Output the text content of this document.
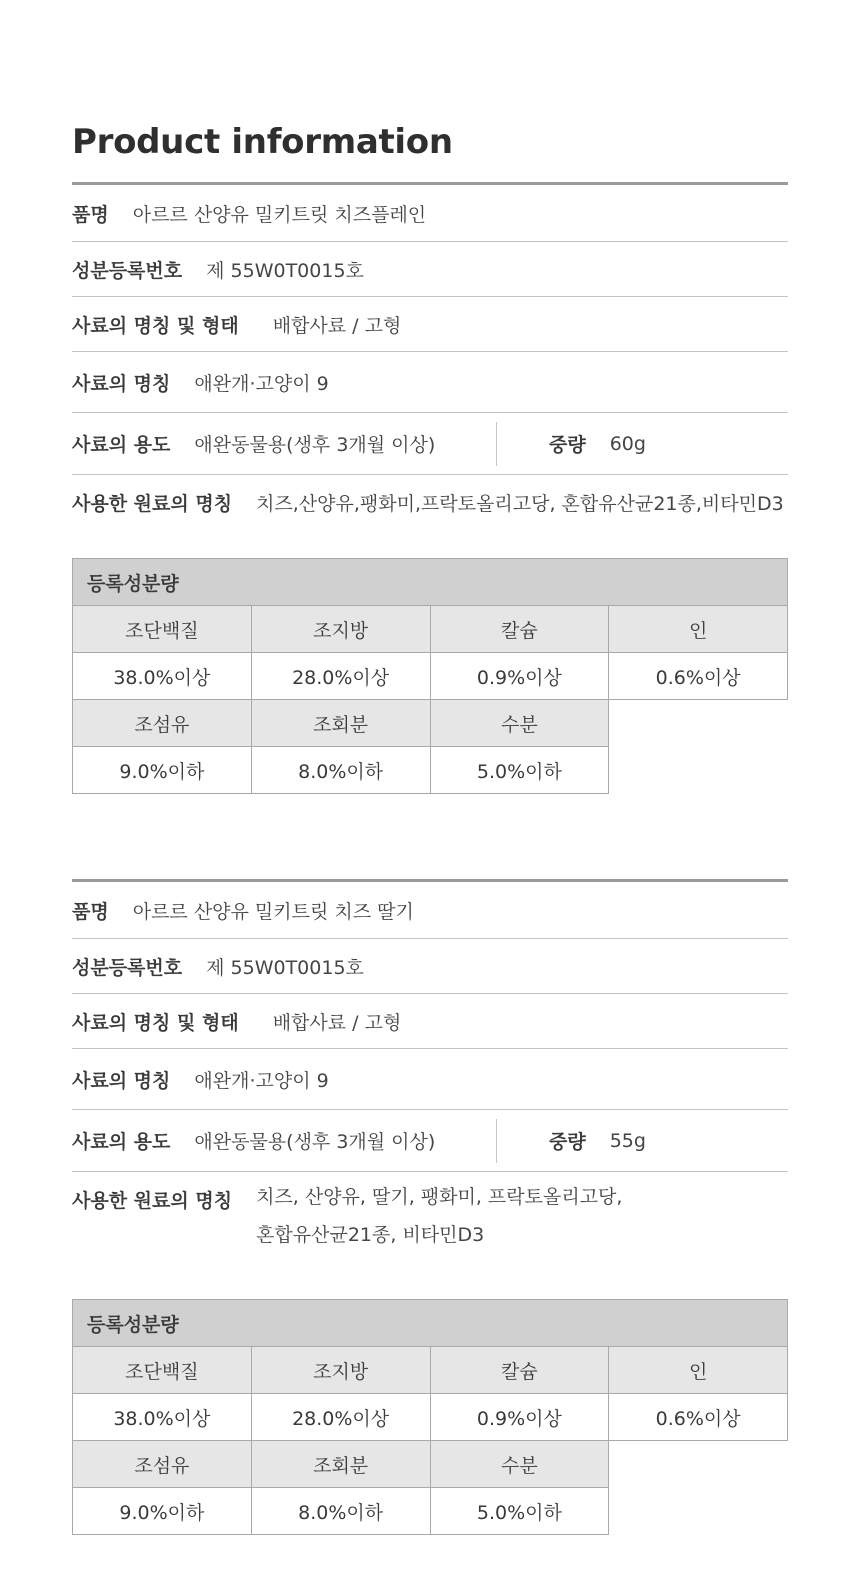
Product information
품명 아르르 산양유 밀키트릿 치즈플레인
성분등록번호 제 55W0T0015호
사료의 명칭 및 형태 배합사료 / 고형
사료의 명칭 애완개·고양이 9
사료의 용도 애완동물용(생후 3개월 이상)	중량 60g
사용한 원료의 명칭 치즈,산양유,팽화미,프락토올리고당, 혼합유산균21종,비타민D3
등록성분량			
조단백질	조지방	칼슘	인
38.0%이상	28.0%이상	0.9%이상	0.6%이상
조섬유	조회분	수분	
9.0%이하	8.0%이하	5.0%이하	
품명 아르르 산양유 밀키트릿 치즈 딸기
성분등록번호 제 55W0T0015호
사료의 명칭 및 형태 배합사료 / 고형
사료의 명칭 애완개·고양이 9
사료의 용도 애완동물용(생후 3개월 이상)	중량 55g
사용한 원료의 명칭 치즈, 산양유, 딸기, 팽화미, 프락토올리고당,
혼합유산균21종, 비타민D3
등록성분량			
조단백질	조지방	칼슘	인
38.0%이상	28.0%이상	0.9%이상	0.6%이상
조섬유	조회분	수분	
9.0%이하	8.0%이하	5.0%이하	
